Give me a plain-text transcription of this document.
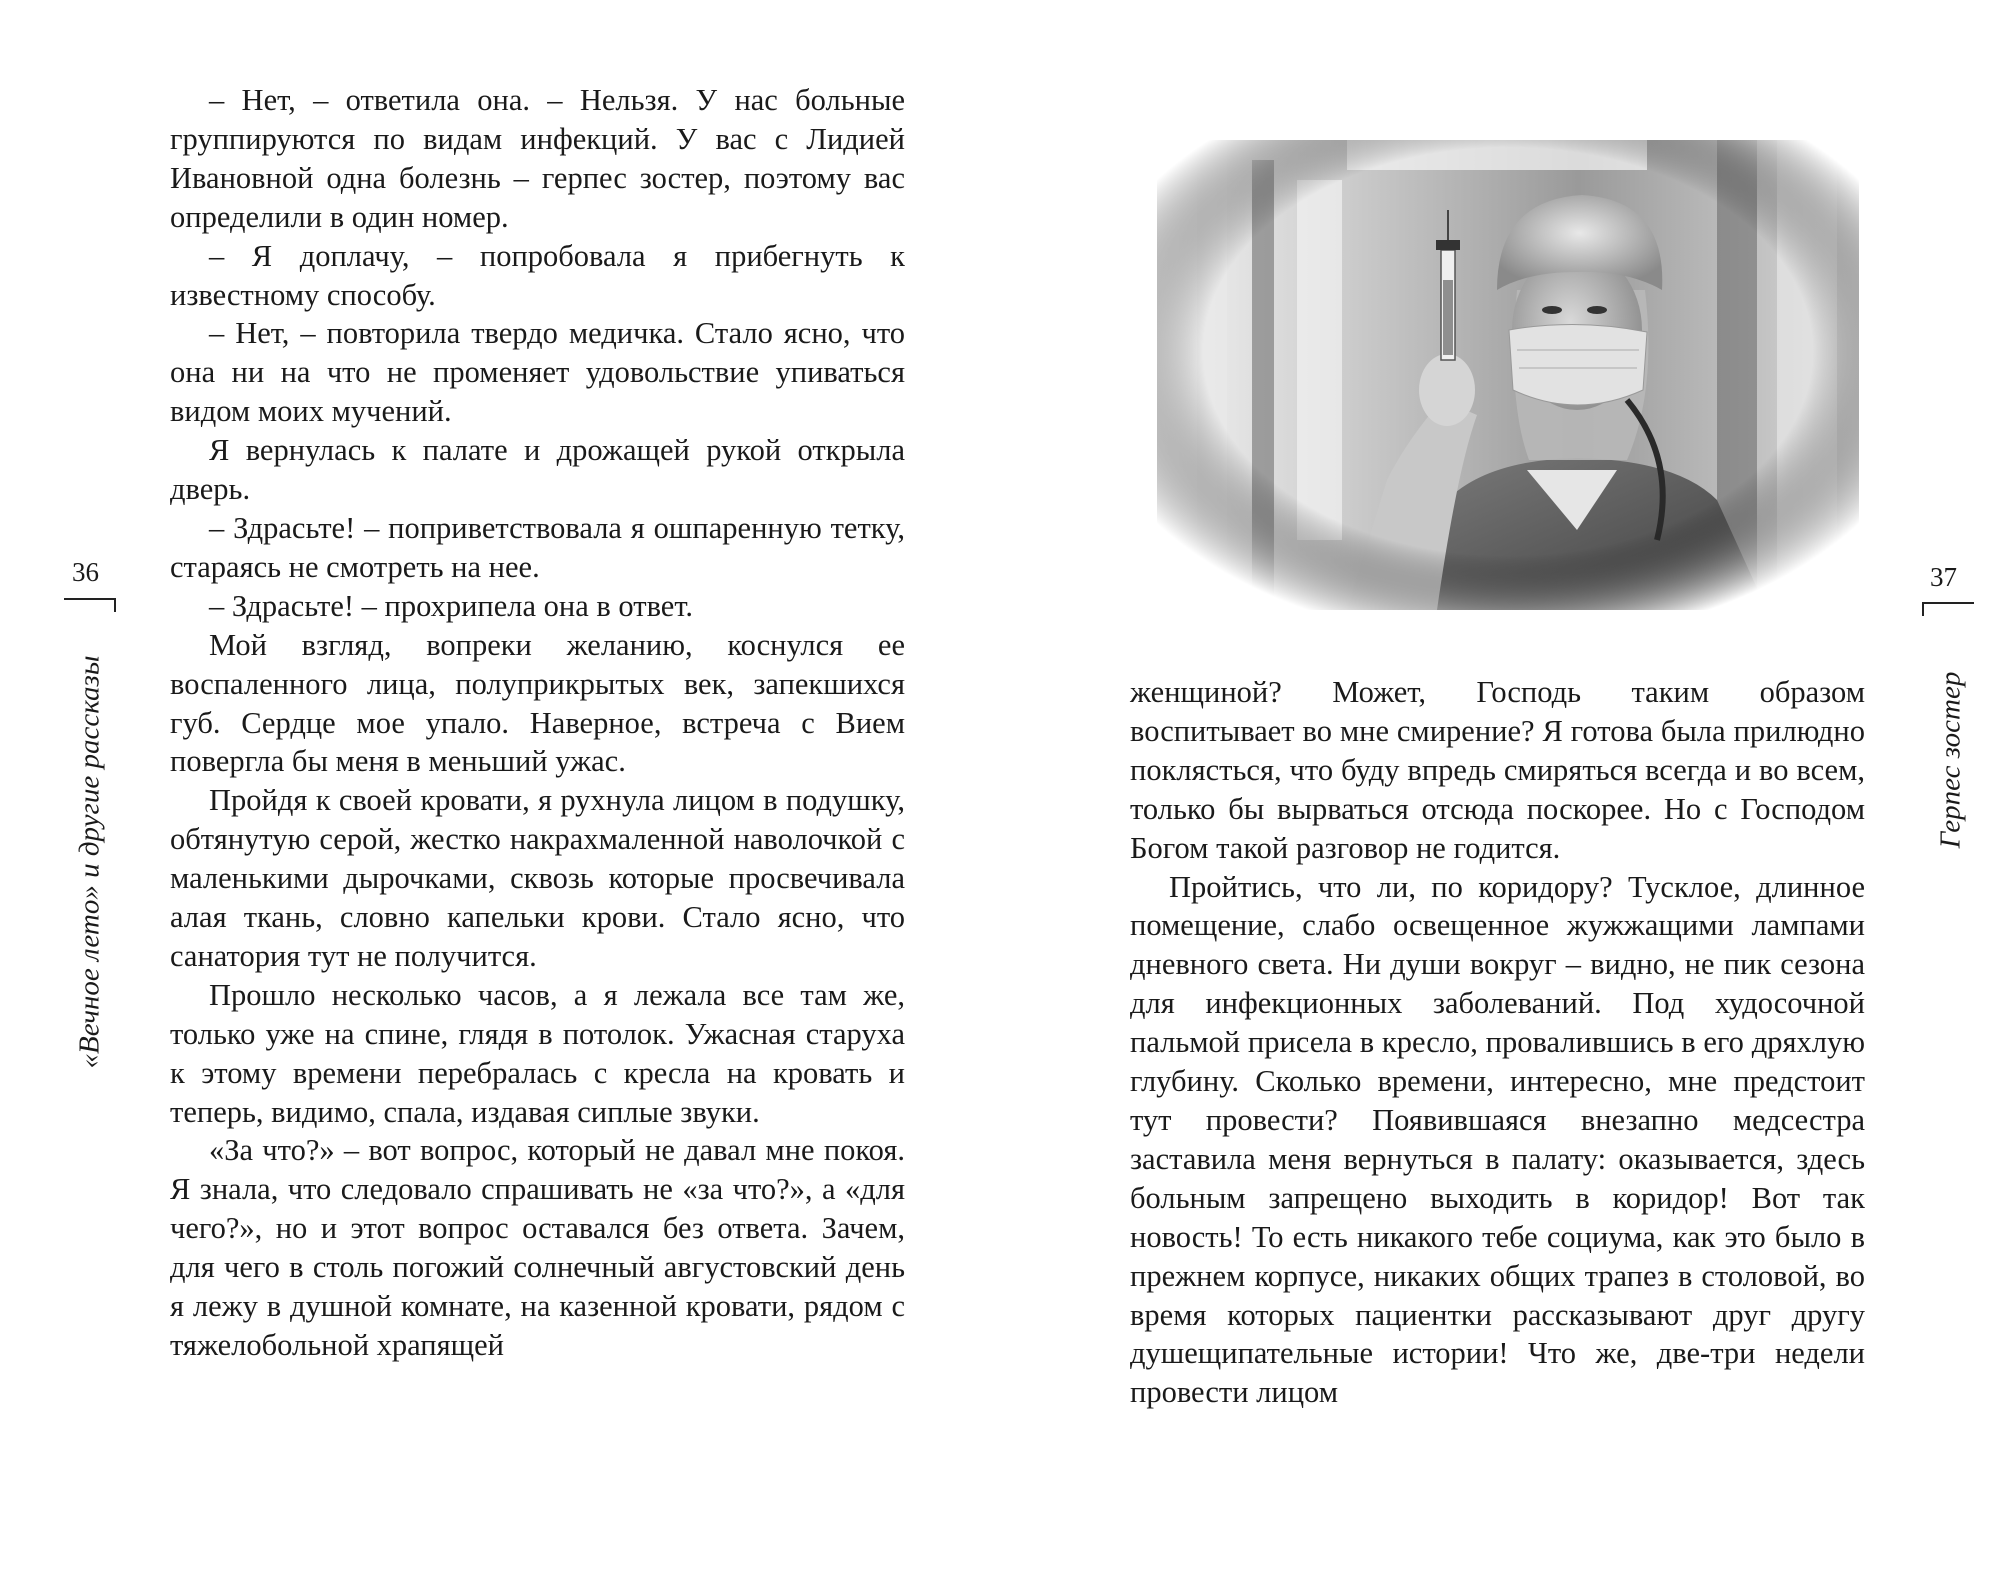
36
«Вечное лето» и другие рассказы

– Нет, – ответила она. – Нельзя. У нас больные группируются по видам инфекций. У вас с Лидией Ивановной одна болезнь – герпес зостер, поэтому вас определили в один номер.

– Я доплачу, – попробовала я прибегнуть к известному способу.

– Нет, – повторила твердо медичка. Стало ясно, что она ни на что не променяет удовольствие упиваться видом моих мучений.

Я вернулась к палате и дрожащей рукой открыла дверь.

– Здрасьте! – поприветствовала я ошпаренную тетку, стараясь не смотреть на нее.

– Здрасьте! – прохрипела она в ответ.

Мой взгляд, вопреки желанию, коснулся ее воспаленного лица, полуприкрытых век, запекшихся губ. Сердце мое упало. Наверное, встреча с Вием повергла бы меня в меньший ужас.

Пройдя к своей кровати, я рухнула лицом в подушку, обтянутую серой, жестко накрахмаленной наволочкой с маленькими дырочками, сквозь которые просвечивала алая ткань, словно капельки крови. Стало ясно, что санатория тут не получится.

Прошло несколько часов, а я лежала все там же, только уже на спине, глядя в потолок. Ужасная старуха к этому времени перебралась с кресла на кровать и теперь, видимо, спала, издавая сиплые звуки.

«За что?» – вот вопрос, который не давал мне покоя. Я знала, что следовало спрашивать не «за что?», а «для чего?», но и этот вопрос оставался без ответа. Зачем, для чего в столь погожий солнечный августовский день я лежу в душной комнате, на казенной кровати, рядом с тяжелобольной храпящей

37
Герпес зостер

женщиной? Может, Господь таким образом воспитывает во мне смирение? Я готова была прилюдно поклясться, что буду впредь смиряться всегда и во всем, только бы вырваться отсюда поскорее. Но с Господом Богом такой разговор не годится.

Пройтись, что ли, по коридору? Тусклое, длинное помещение, слабо освещенное жужжащими лампами дневного света. Ни души вокруг – видно, не пик сезона для инфекционных заболеваний. Под худосочной пальмой присела в кресло, провалившись в его дряхлую глубину. Сколько времени, интересно, мне предстоит тут провести? Появившаяся внезапно медсестра заставила меня вернуться в палату: оказывается, здесь больным запрещено выходить в коридор! Вот так новость! То есть никакого тебе социума, как это было в прежнем корпусе, никаких общих трапез в столовой, во время которых пациентки рассказывают друг другу душещипательные истории! Что же, две-три недели провести лицом
